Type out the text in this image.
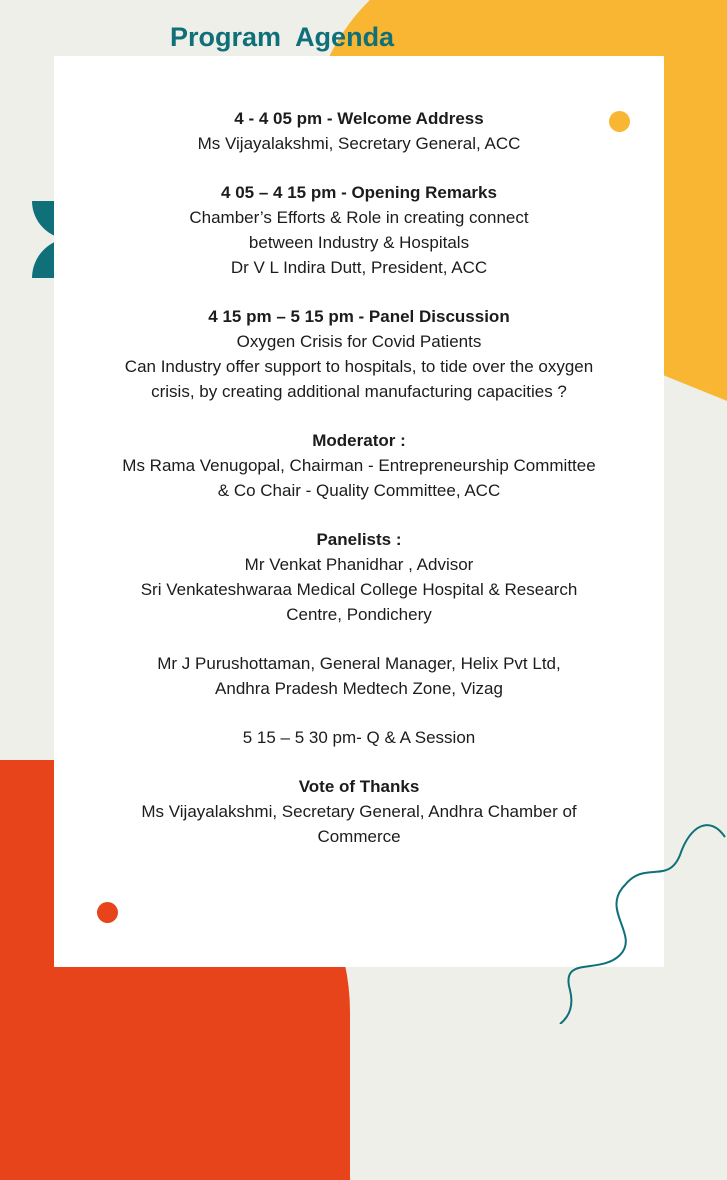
Program Agenda
4 - 4 05 pm - Welcome Address
Ms Vijayalakshmi, Secretary General, ACC
4 05 – 4 15 pm - Opening Remarks
Chamber’s Efforts & Role in creating connect
between Industry & Hospitals
Dr V L Indira Dutt, President, ACC
4 15 pm – 5 15 pm - Panel Discussion
Oxygen Crisis for Covid Patients
Can Industry offer support to hospitals, to tide over the oxygen
crisis, by creating additional manufacturing capacities ?
Moderator :
Ms Rama Venugopal, Chairman - Entrepreneurship Committee
& Co Chair - Quality Committee, ACC
Panelists :
Mr Venkat Phanidhar , Advisor
Sri Venkateshwaraa Medical College Hospital & Research
Centre, Pondichery
Mr J Purushottaman, General Manager, Helix Pvt Ltd,
Andhra Pradesh Medtech Zone, Vizag
5 15 – 5 30 pm- Q & A Session
Vote of Thanks
Ms Vijayalakshmi, Secretary General, Andhra Chamber of
Commerce
